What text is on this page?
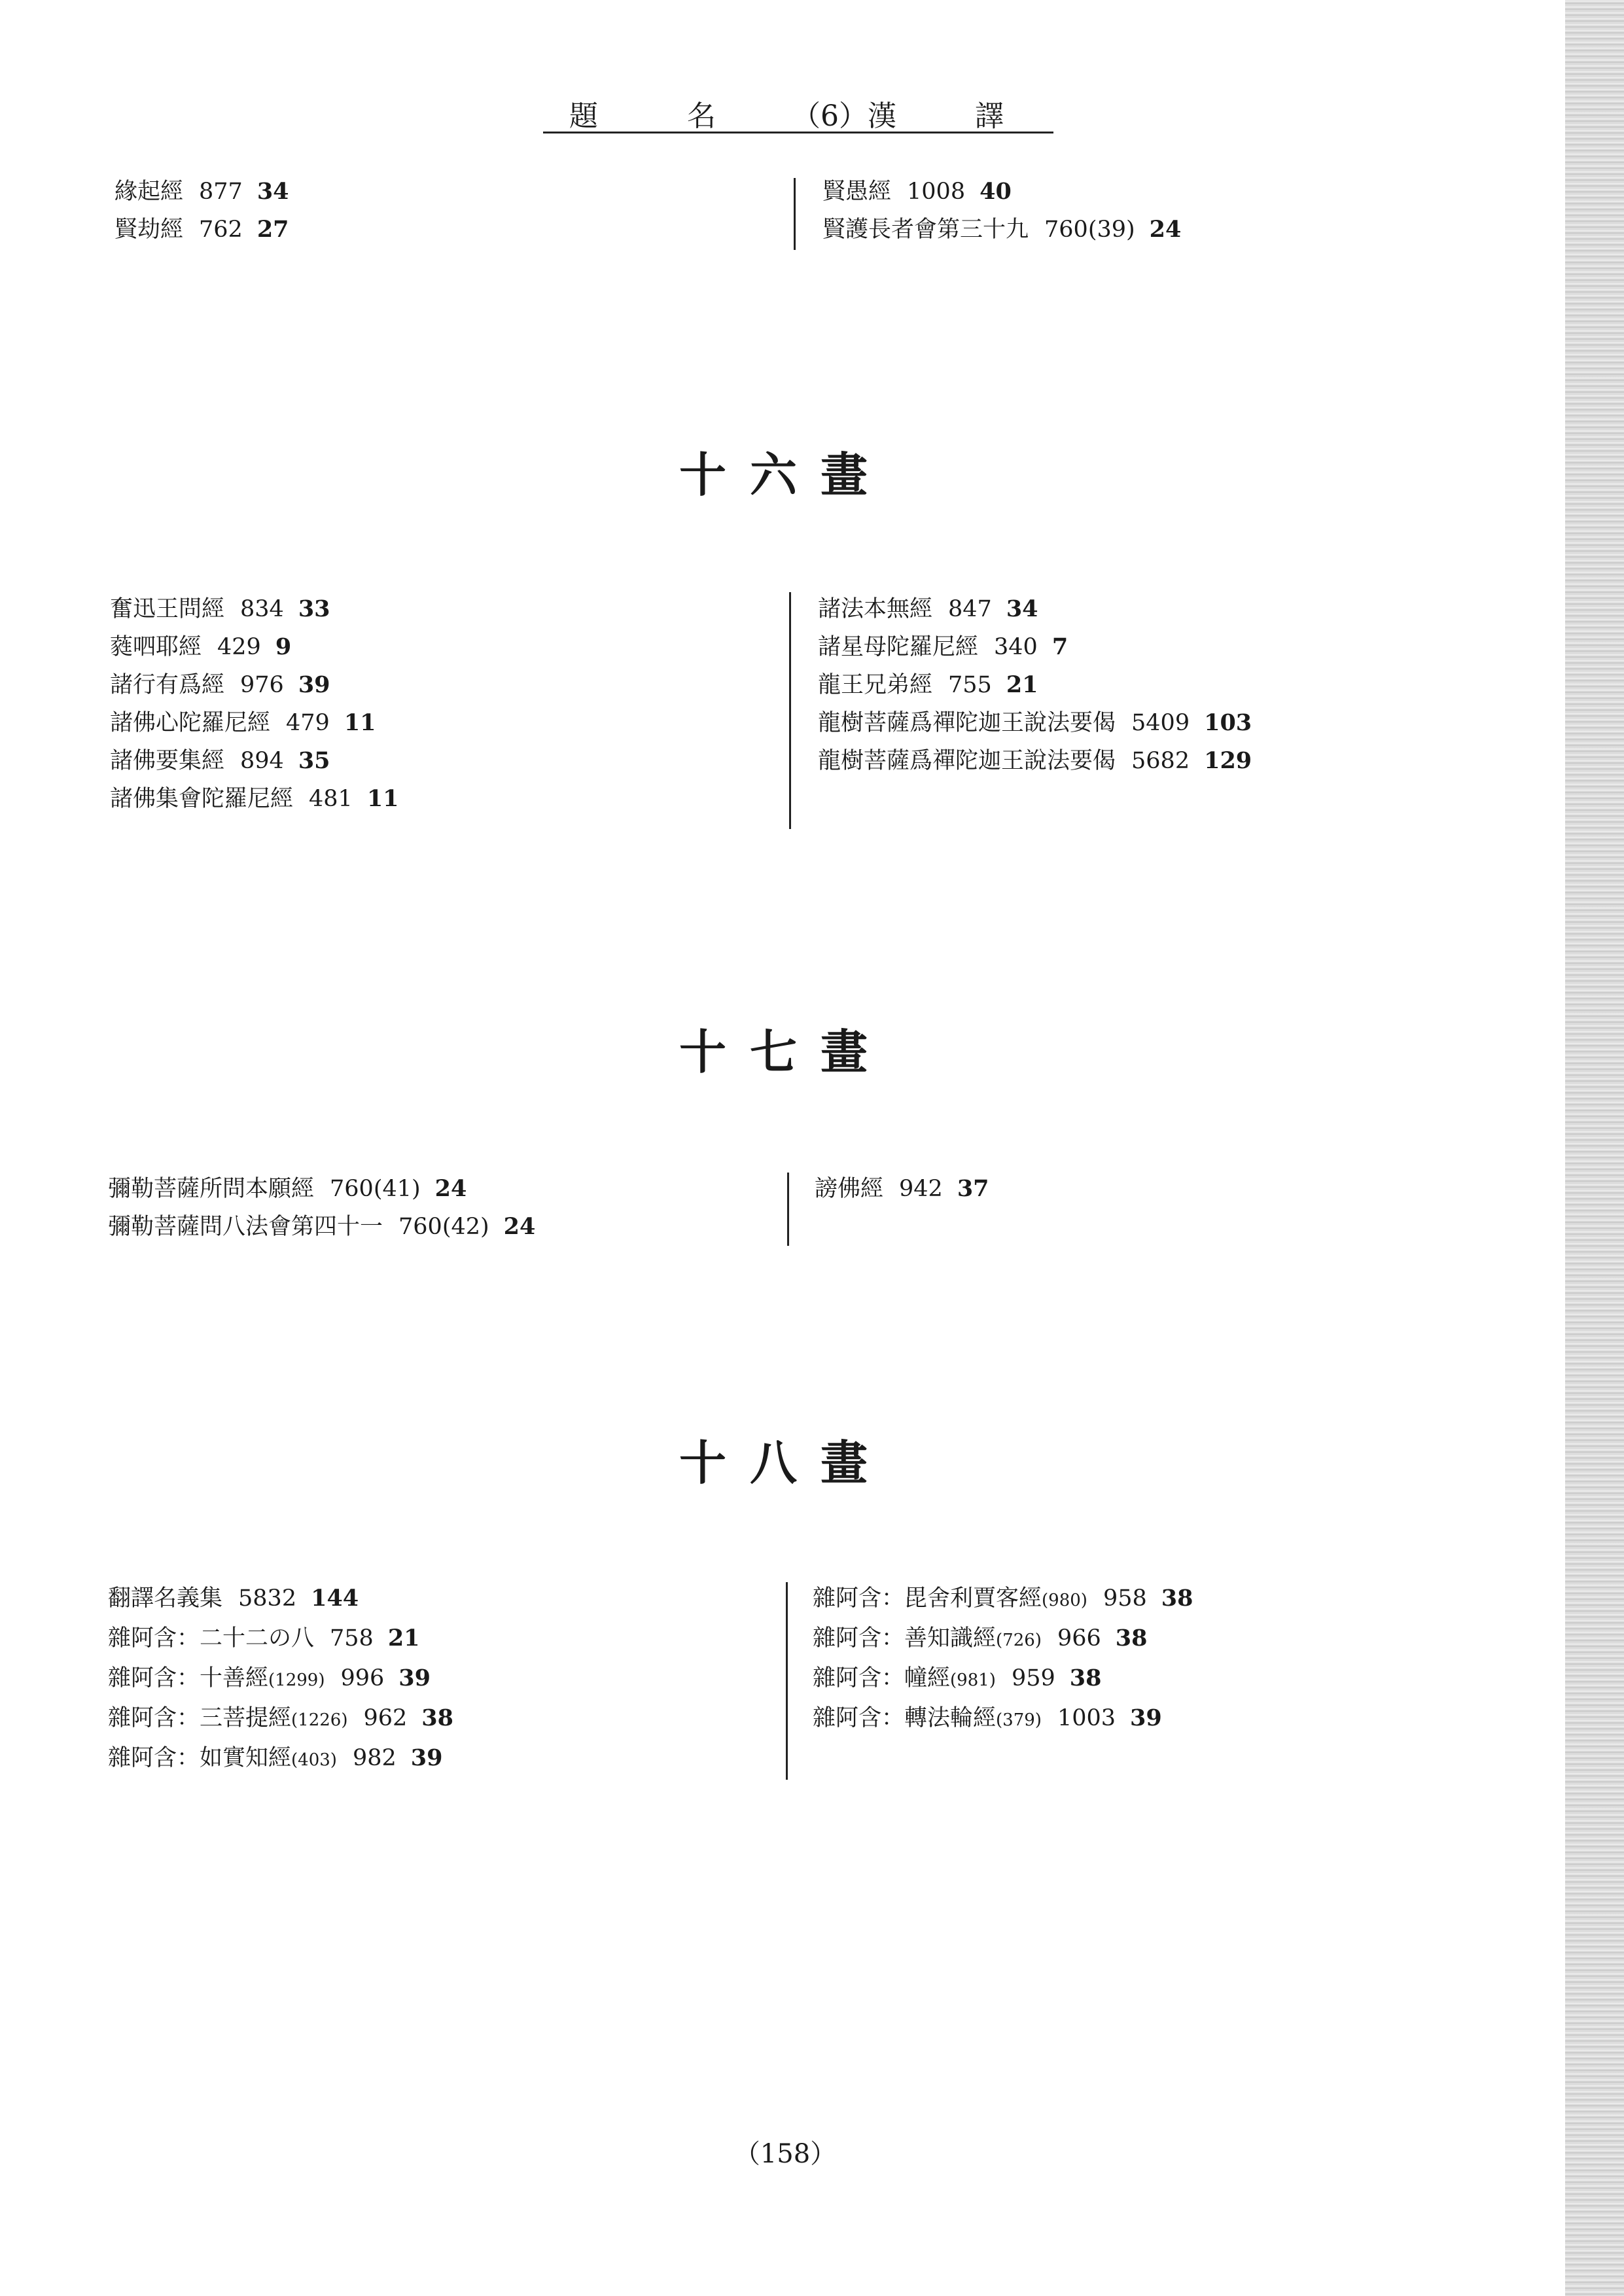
題	名	（6）漢	譯
緣起經 877 34
賢劫經 762 27
賢愚經 1008 40
賢護長者會第三十九 760(39) 24
十六畫
奮迅王問經 834 33
蕤呬耶經 429 9
諸行有爲經 976 39
諸佛心陀羅尼經 479 11
諸佛要集經 894 35
諸佛集會陀羅尼經 481 11
諸法本無經 847 34
諸星母陀羅尼經 340 7
龍王兄弟經 755 21
龍樹菩薩爲禪陀迦王說法要偈 5409 103
龍樹菩薩爲禪陀迦王說法要偈 5682 129
十七畫
彌勒菩薩所問本願經 760(41) 24
彌勒菩薩問八法會第四十一 760(42) 24
謗佛經 942 37
十八畫
翻譯名義集 5832 144
雜阿含：二十二の八 758 21
雜阿含：十善經(1299) 996 39
雜阿含：三菩提經(1226) 962 38
雜阿含：如實知經(403) 982 39
雜阿含：毘舍利賈客經(980) 958 38
雜阿含：善知識經(726) 966 38
雜阿含：幢經(981) 959 38
雜阿含：轉法輪經(379) 1003 39
（158）
